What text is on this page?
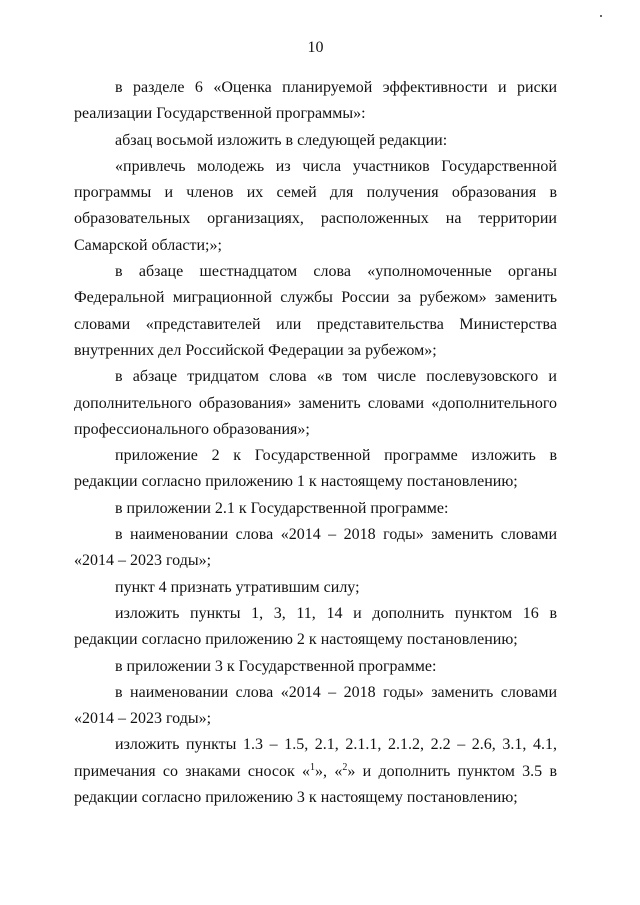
10

в разделе 6 «Оценка планируемой эффективности и риски реализации Государственной программы»:

абзац восьмой изложить в следующей редакции:

«привлечь молодежь из числа участников Государственной программы и членов их семей для получения образования в образовательных организациях, расположенных на территории Самарской области;»;

в абзаце шестнадцатом слова «уполномоченные органы Федеральной миграционной службы России за рубежом» заменить словами «представителей или представительства Министерства внутренних дел Российской Федерации за рубежом»;

в абзаце тридцатом слова «в том числе послевузовского и дополнительного образования» заменить словами «дополнительного профессионального образования»;

приложение 2 к Государственной программе изложить в редакции согласно приложению 1 к настоящему постановлению;

в приложении 2.1 к Государственной программе:

в наименовании слова «2014 – 2018 годы» заменить словами «2014 – 2023 годы»;

пункт 4 признать утратившим силу;

изложить пункты 1, 3, 11, 14 и дополнить пунктом 16 в редакции согласно приложению 2 к настоящему постановлению;

в приложении 3 к Государственной программе:

в наименовании слова «2014 – 2018 годы» заменить словами «2014 – 2023 годы»;

изложить пункты 1.3 – 1.5, 2.1, 2.1.1, 2.1.2, 2.2 – 2.6, 3.1, 4.1, примечания со знаками сносок «$^1$», «$^2$» и дополнить пунктом 3.5 в редакции согласно приложению 3 к настоящему постановлению;
